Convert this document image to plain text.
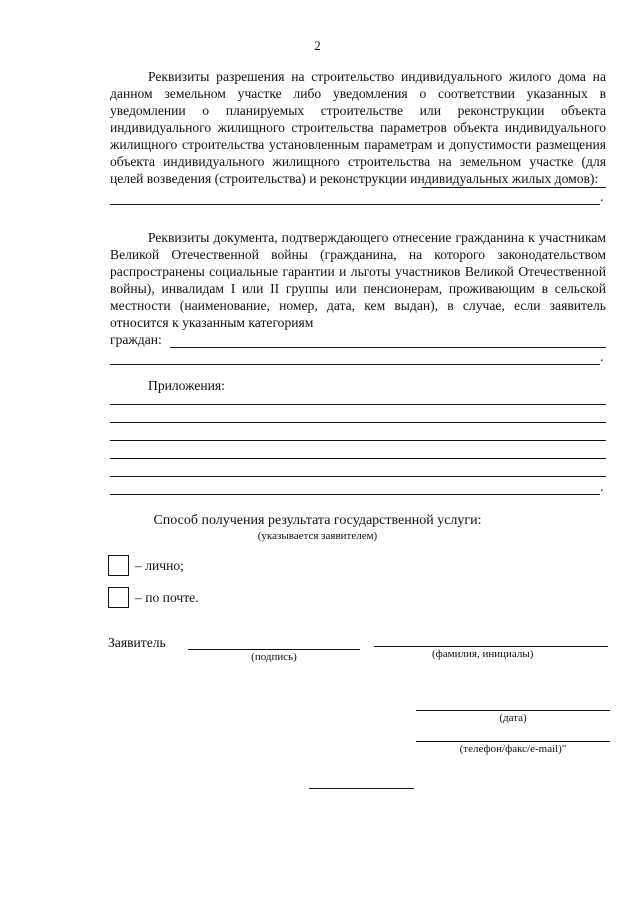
2

Реквизиты разрешения на строительство индивидуального жилого дома на данном земельном участке либо уведомления о соответствии указанных в уведомлении о планируемых строительстве или реконструкции объекта индивидуального жилищного строительства параметров объекта индивидуального жилищного строительства установленным параметрам и допустимости размещения объекта индивидуального жилищного строительства на земельном участке (для целей возведения (строительства) и реконструкции индивидуальных жилых домов):

.

Реквизиты документа, подтверждающего отнесение гражданина к участникам Великой Отечественной войны (гражданина, на которого законодательством распространены социальные гарантии и льготы участников Великой Отечественной войны), инвалидам I или II группы или пенсионерам, проживающим в сельской местности (наименование, номер, дата, кем выдан), в случае, если заявитель относится к указанным категориям

граждан:
.
Приложения:
.
Способ получения результата государственной услуги:
(указывается заявителем)
– лично;
– по почте.
Заявитель
(подпись)	(фамилия, инициалы)
(дата)
(телефон/факс/e-mail)"
